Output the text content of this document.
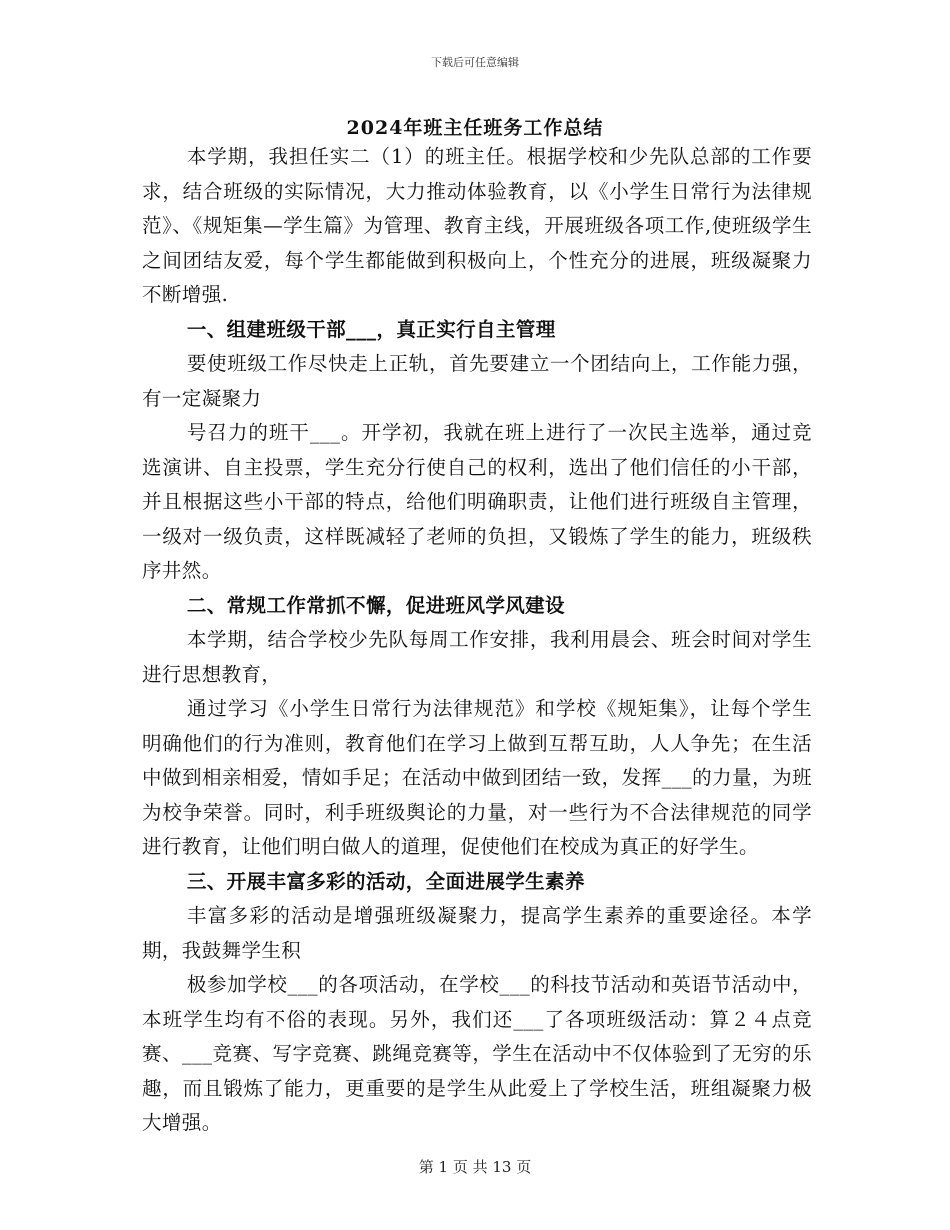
下载后可任意编辑
2024年班主任班务工作总结

本学期，我担任实二（1）的班主任。根据学校和少先队总部的工作要求，结合班级的实际情况，大力推动体验教育，以《小学生日常行为法律规范》、《规矩集—学生篇》为管理、教育主线，开展班级各项工作,使班级学生之间团结友爱，每个学生都能做到积极向上，个性充分的进展，班级凝聚力不断增强.

一、组建班级干部___，真正实行自主管理

要使班级工作尽快走上正轨，首先要建立一个团结向上，工作能力强，有一定凝聚力

号召力的班干___。开学初，我就在班上进行了一次民主选举，通过竞选演讲、自主投票，学生充分行使自己的权利，选出了他们信任的小干部，并且根据这些小干部的特点，给他们明确职责，让他们进行班级自主管理，一级对一级负责，这样既减轻了老师的负担，又锻炼了学生的能力，班级秩序井然。

二、常规工作常抓不懈，促进班风学风建设

本学期，结合学校少先队每周工作安排，我利用晨会、班会时间对学生进行思想教育，

通过学习《小学生日常行为法律规范》和学校《规矩集》，让每个学生明确他们的行为准则，教育他们在学习上做到互帮互助，人人争先；在生活中做到相亲相爱，情如手足；在活动中做到团结一致，发挥___的力量，为班为校争荣誉。同时，利手班级舆论的力量，对一些行为不合法律规范的同学进行教育，让他们明白做人的道理，促使他们在校成为真正的好学生。

三、开展丰富多彩的活动，全面进展学生素养

丰富多彩的活动是增强班级凝聚力，提高学生素养的重要途径。本学期，我鼓舞学生积

极参加学校___的各项活动，在学校___的科技节活动和英语节活动中，本班学生均有不俗的表现。另外，我们还___了各项班级活动：算２４点竞赛、___竞赛、写字竞赛、跳绳竞赛等，学生在活动中不仅体验到了无穷的乐趣，而且锻炼了能力，更重要的是学生从此爱上了学校生活，班组凝聚力极大增强。

第 1 页 共 13 页
